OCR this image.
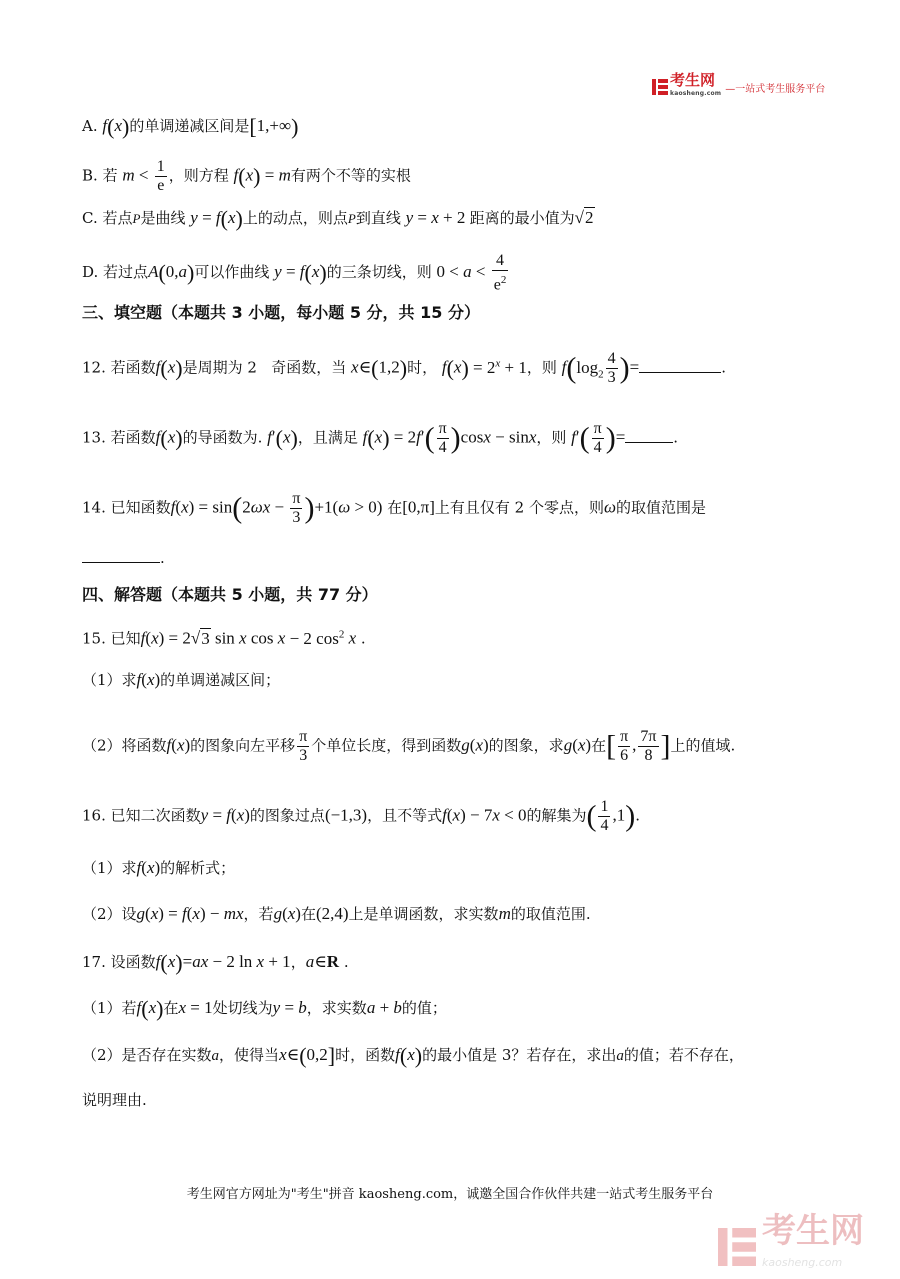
考生网
kaosheng.com —一站式考生服务平台
A. f(x)的单调递减区间是[1,+∞)
B. 若 $m < \frac{1}{e}$ ，则方程 f(x) = m有两个不等的实根
C. 若点P是曲线 y = f(x)上的动点，则点P到直线 y = x + 2 距离的最小值为√2
D. 若过点A(0,a)可以作曲线 y = f(x)的三条切线，则 $0 < a < \frac{4}{e^2}$
三、填空题（本题共 3 小题，每小题 5 分，共 15 分）
12. 若函数f(x)是周期为 2 奇函数，当 x∈(1,2)时， $f(x) = 2^x + 1$，则 $f(\log_2 \frac{4}{3}$ )=	.
13. 若函数f(x)的导函数为. f′(x)，且满足 $f(x) = 2f'( \frac{\pi}{4} )\cos x - \sin x$，则 $f'( \frac{\pi}{4}$ )=	.
14. 已知函数$f(x) = \sin(2\omega x - \frac{\pi}{3} )+1(\omega > 0)$ 在[0,π]上有且仅有 2 个零点，则ω的取值范围是
.
四、解答题（本题共 5 小题，共 77 分）
15. 已知f(x) = 2√3 sin x cos x − 2 $\cos^2 x$ .
（1）求f(x)的单调递减区间；
（2）将函数f(x)的图象向左平移 $\frac{\pi}{3}$ 个单位长度，得到函数g(x)的图象，求g(x)在[ $\frac{\pi}{6}$ , $\frac{7\pi}{8}$ ]上的值域.
16. 已知二次函数y = f(x)的图象过点(−1,3)，且不等式f(x) − 7x < 0的解集为( $\frac{1}{4} ,1$).
（1）求f(x)的解析式；
（2）设g(x) = f(x) − mx，若g(x)在(2,4)上是单调函数，求实数m的取值范围.
17. 设函数f(x)=ax − 2 ln x + 1，a∈R .
（1）若f(x)在x = 1处切线为y = b，求实数a + b的值；
（2）是否存在实数a，使得当x∈(0,2]时，函数f(x)的最小值是 3？若存在，求出a的值；若不存在，
说明理由.
考生网官方网址为"考生"拼音 kaosheng.com，诚邀全国合作伙伴共建一站式考生服务平台
考生网
kaosheng.com
